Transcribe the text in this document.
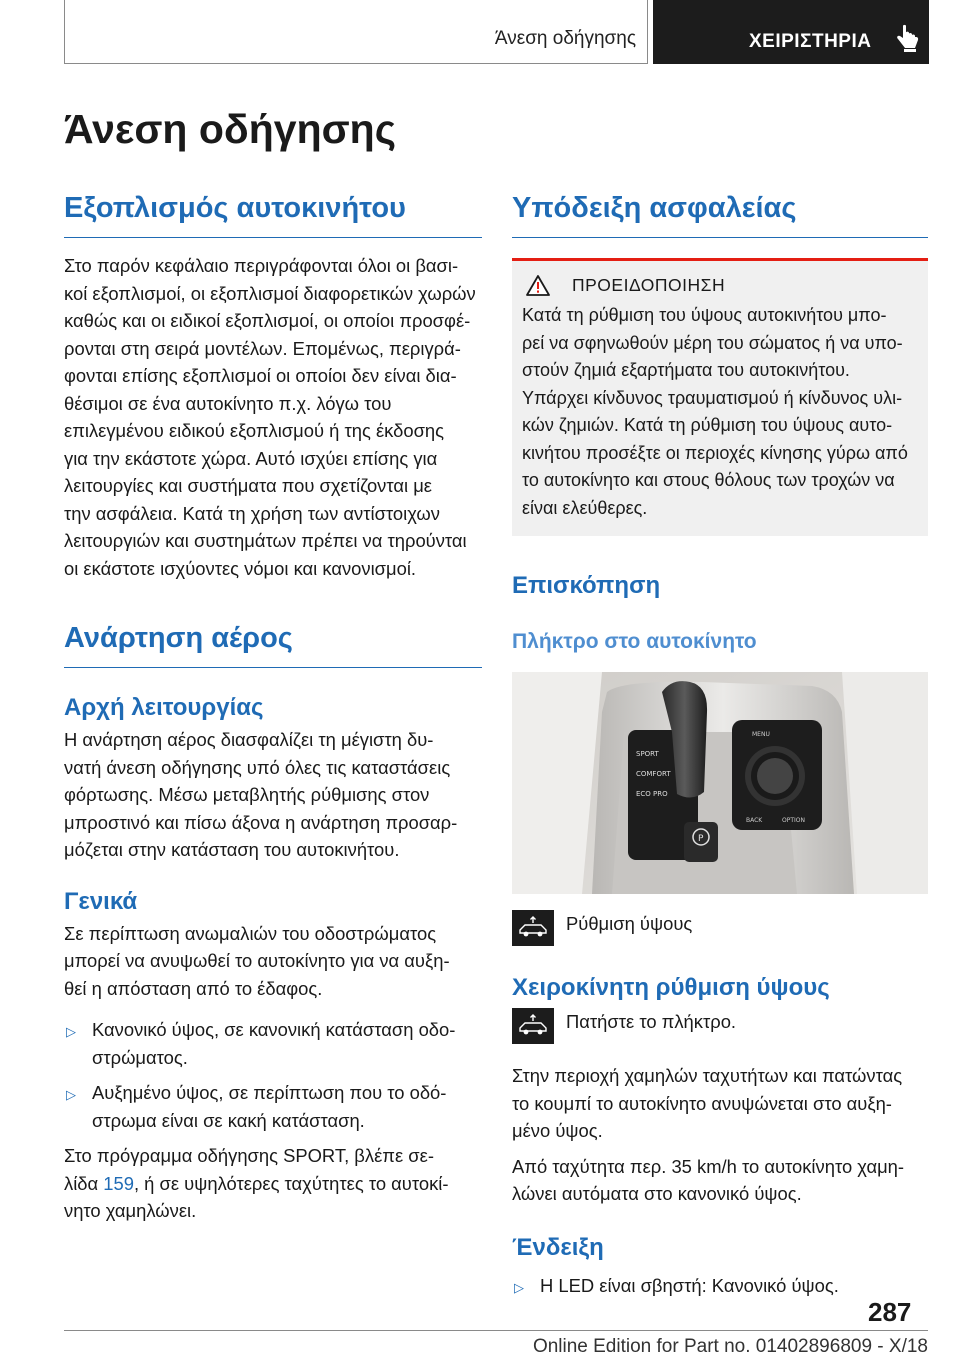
Άνεση οδήγησης	ΧΕΙΡΙΣΤΗΡΙΑ
Άνεση οδήγησης
Εξοπλισμός αυτοκινήτου

Στο παρόν κεφάλαιο περιγράφονται όλοι οι βασι‐
κοί εξοπλισμοί, οι εξοπλισμοί διαφορετικών χωρών
καθώς και οι ειδικοί εξοπλισμοί, οι οποίοι προσφέ‐
ρονται στη σειρά μοντέλων. Επομένως, περιγρά‐
φονται επίσης εξοπλισμοί οι οποίοι δεν είναι δια‐
θέσιμοι σε ένα αυτοκίνητο π.χ. λόγω του
επιλεγμένου ειδικού εξοπλισμού ή της έκδοσης
για την εκάστοτε χώρα. Αυτό ισχύει επίσης για
λειτουργίες και συστήματα που σχετίζονται με
την ασφάλεια. Κατά τη χρήση των αντίστοιχων
λειτουργιών και συστημάτων πρέπει να τηρούνται
οι εκάστοτε ισχύοντες νόμοι και κανονισμοί.

Ανάρτηση αέρος
Αρχή λειτουργίας

Η ανάρτηση αέρος διασφαλίζει τη μέγιστη δυ‐
νατή άνεση οδήγησης υπό όλες τις καταστάσεις
φόρτωσης. Μέσω μεταβλητής ρύθμισης στον
μπροστινό και πίσω άξονα η ανάρτηση προσαρ‐
μόζεται στην κατάσταση του αυτοκινήτου.

Γενικά

Σε περίπτωση ανωμαλιών του οδοστρώματος
μπορεί να ανυψωθεί το αυτοκίνητο για να αυξη‐
θεί η απόσταση από το έδαφος.

▷ Κανονικό ύψος, σε κανονική κατάσταση οδο‐
στρώματος.
▷ Αυξημένο ύψος, σε περίπτωση που το οδό‐
στρωμα είναι σε κακή κατάσταση.

Στο πρόγραμμα οδήγησης SPORT, βλέπε σε‐
λίδα 159, ή σε υψηλότερες ταχύτητες το αυτοκί‐
νητο χαμηλώνει.

Υπόδειξη ασφαλείας
ΠΡΟΕΙΔΟΠΟΙΗΣΗ

Κατά τη ρύθμιση του ύψους αυτοκινήτου μπο‐
ρεί να σφηνωθούν μέρη του σώματος ή να υπο‐
στούν ζημιά εξαρτήματα του αυτοκινήτου.
Υπάρχει κίνδυνος τραυματισμού ή κίνδυνος υλι‐
κών ζημιών. Κατά τη ρύθμιση του ύψους αυτο‐
κινήτου προσέξτε οι περιοχές κίνησης γύρω από
το αυτοκίνητο και στους θόλους των τροχών να
είναι ελεύθερες.

Επισκόπηση
Πλήκτρο στο αυτοκίνητο
SPORT
COMFORT
ECO PRO
P
MENU
BACK	OPTION
Ρύθμιση ύψους
Χειροκίνητη ρύθμιση ύψους
Πατήστε το πλήκτρο.

Στην περιοχή χαμηλών ταχυτήτων και πατώντας
το κουμπί το αυτοκίνητο ανυψώνεται στο αυξη‐
μένο ύψος.

Από ταχύτητα περ. 35 km/h το αυτοκίνητο χαμη‐
λώνει αυτόματα στο κανονικό ύψος.

Ένδειξη
▷ Η LED είναι σβηστή: Κανονικό ύψος.
287
Online Edition for Part no. 01402896809 - X/18
